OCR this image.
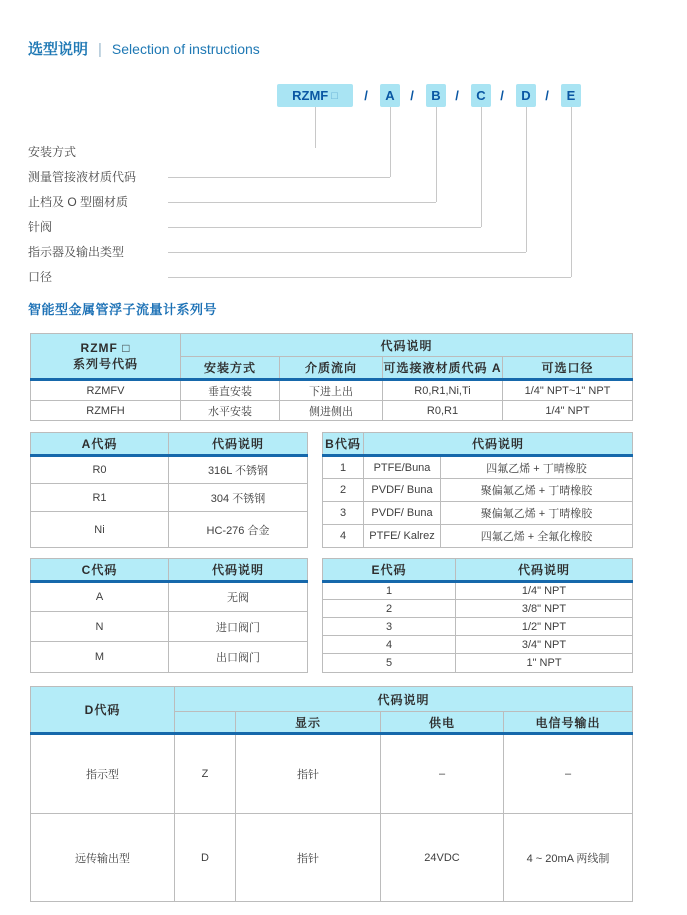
选型说明 | Selection of instructions
RZMF □ /	A	/	B	/	C	/	D	/	E
安装方式
测量管接液材质代码
止档及 O 型圈材质
针阀
指示器及输出类型
口径
智能型金属管浮子流量计系列号
RZMF □
系列号代码	代码说明			
	安装方式	介质流向	可选接液材质代码 A	可选口径
RZMFV	垂直安装	下进上出	R0,R1,Ni,Ti	1/4" NPT~1" NPT
RZMFH	水平安装	侧进侧出	R0,R1	1/4" NPT
A代码	代码说明
R0	316L 不锈钢
R1	304 不锈钢
Ni	HC-276 合金
B代码	代码说明	
1	PTFE/Buna	四氟乙烯 + 丁晴橡胶
2	PVDF/ Buna	聚偏氟乙烯 + 丁晴橡胶
3	PVDF/ Buna	聚偏氟乙烯 + 丁晴橡胶
4	PTFE/ Kalrez	四氟乙烯 + 全氟化橡胶
C代码	代码说明
A	无阀
N	进口阀门
M	出口阀门
E代码	代码说明
1	1/4" NPT
2	3/8" NPT
3	1/2" NPT
4	3/4" NPT
5	1" NPT
D代码	代码说明			
		显示	供电	电信号输出
指示型	Z	指针	–	–
远传输出型	D	指针	24VDC	4 ~ 20mA 两线制
